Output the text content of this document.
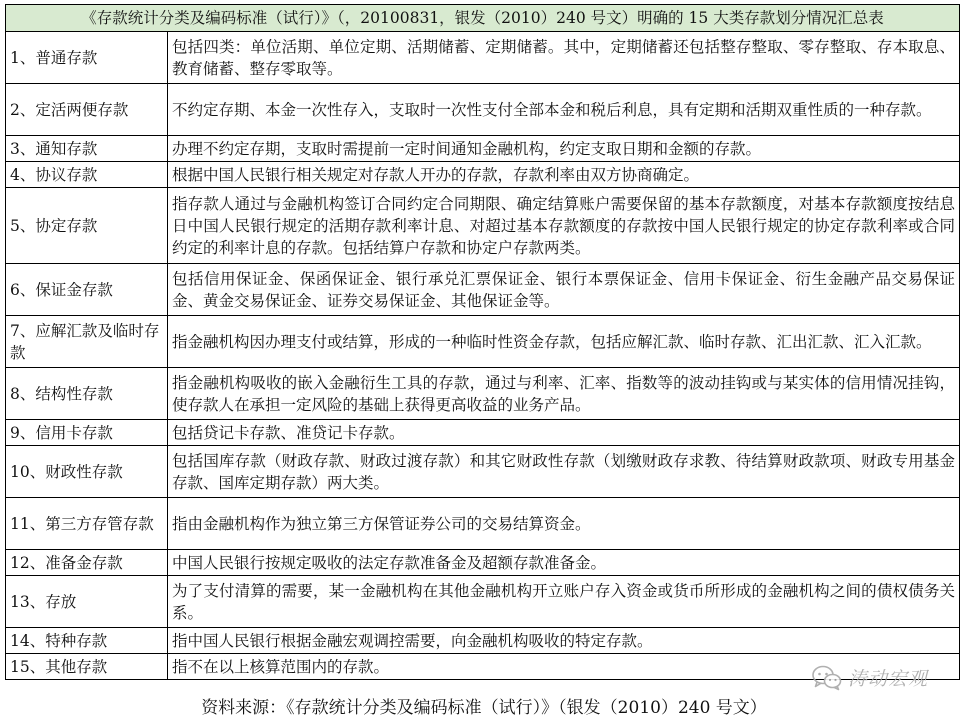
《存款统计分类及编码标准（试行）》（，20100831，银发（2010）240 号文）明确的 15 大类存款划分情况汇总表	
1、普通存款	包括四类：单位活期、单位定期、活期储蓄、定期储蓄。其中，定期储蓄还包括整存整取、零存整取、存本取息、教育储蓄、整存零取等。
2、定活两便存款	不约定存期、本金一次性存入，支取时一次性支付全部本金和税后利息，具有定期和活期双重性质的一种存款。
3、通知存款	办理不约定存期，支取时需提前一定时间通知金融机构，约定支取日期和金额的存款。
4、协议存款	根据中国人民银行相关规定对存款人开办的存款，存款利率由双方协商确定。
5、协定存款	指存款人通过与金融机构签订合同约定合同期限、确定结算账户需要保留的基本存款额度，对基本存款额度按结息日中国人民银行规定的活期存款利率计息、对超过基本存款额度的存款按中国人民银行规定的协定存款利率或合同约定的利率计息的存款。包括结算户存款和协定户存款两类。
6、保证金存款	包括信用保证金、保函保证金、银行承兑汇票保证金、银行本票保证金、信用卡保证金、衍生金融产品交易保证金、黄金交易保证金、证券交易保证金、其他保证金等。
7、应解汇款及临时存款	指金融机构因办理支付或结算，形成的一种临时性资金存款，包括应解汇款、临时存款、汇出汇款、汇入汇款。
8、结构性存款	指金融机构吸收的嵌入金融衍生工具的存款，通过与利率、汇率、指数等的波动挂钩或与某实体的信用情况挂钩，使存款人在承担一定风险的基础上获得更高收益的业务产品。
9、信用卡存款	包括贷记卡存款、准贷记卡存款。
10、财政性存款	包括国库存款（财政存款、财政过渡存款）和其它财政性存款（划缴财政存求教、待结算财政款项、财政专用基金存款、国库定期存款）两大类。
11、第三方存管存款	指由金融机构作为独立第三方保管证券公司的交易结算资金。
12、准备金存款	中国人民银行按规定吸收的法定存款准备金及超额存款准备金。
13、存放	为了支付清算的需要，某一金融机构在其他金融机构开立账户存入资金或货币所形成的金融机构之间的债权债务关系。
14、特种存款	指中国人民银行根据金融宏观调控需要，向金融机构吸收的特定存款。
15、其他存款	指不在以上核算范围内的存款。
涛动宏观
资料来源：《存款统计分类及编码标准（试行）》（银发（2010）240 号文）
